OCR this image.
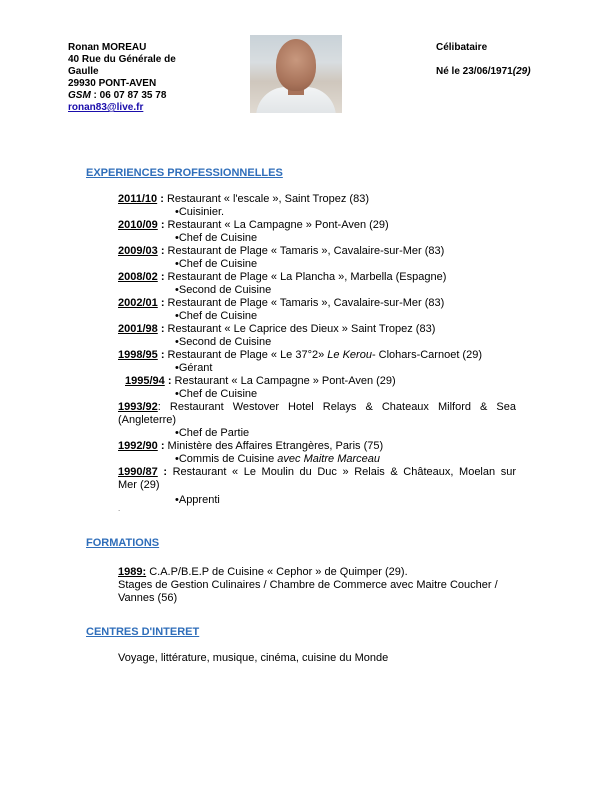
Ronan MOREAU
40 Rue du Générale de Gaulle
29930 PONT-AVEN
GSM : 06 07 87 35 78
ronan83@live.fr
Célibataire
Né le 23/06/1971(29)
EXPERIENCES PROFESSIONNELLES

2011/10 : Restaurant « l'escale », Saint Tropez (83)

•Cuisinier.

2010/09 : Restaurant « La Campagne » Pont-Aven (29)

•Chef de Cuisine

2009/03 : Restaurant de Plage « Tamaris », Cavalaire-sur-Mer (83)

•Chef de Cuisine

2008/02 : Restaurant de Plage « La Plancha », Marbella (Espagne)

•Second de Cuisine

2002/01 : Restaurant de Plage « Tamaris », Cavalaire-sur-Mer (83)

•Chef de Cuisine

2001/98 : Restaurant « Le Caprice des Dieux » Saint Tropez (83)

•Second de Cuisine

1998/95 : Restaurant de Plage « Le 37°2» Le Kerou- Clohars-Carnoet (29)

•Gérant

1995/94 : Restaurant « La Campagne » Pont-Aven (29)

•Chef de Cuisine

1993/92: Restaurant Westover Hotel Relays & Chateaux Milford & Sea

(Angleterre)

•Chef de Partie

1992/90 : Ministère des Affaires Etrangères, Paris (75)

•Commis de Cuisine avec Maitre Marceau

1990/87 : Restaurant « Le Moulin du Duc » Relais & Châteaux, Moelan sur

Mer (29)

•Apprenti

.
FORMATIONS
1989: C.A.P/B.E.P de Cuisine « Cephor » de Quimper (29).
Stages de Gestion Culinaires / Chambre de Commerce avec Maitre Coucher /
Vannes (56)
CENTRES D'INTERET
Voyage, littérature, musique, cinéma, cuisine du Monde
